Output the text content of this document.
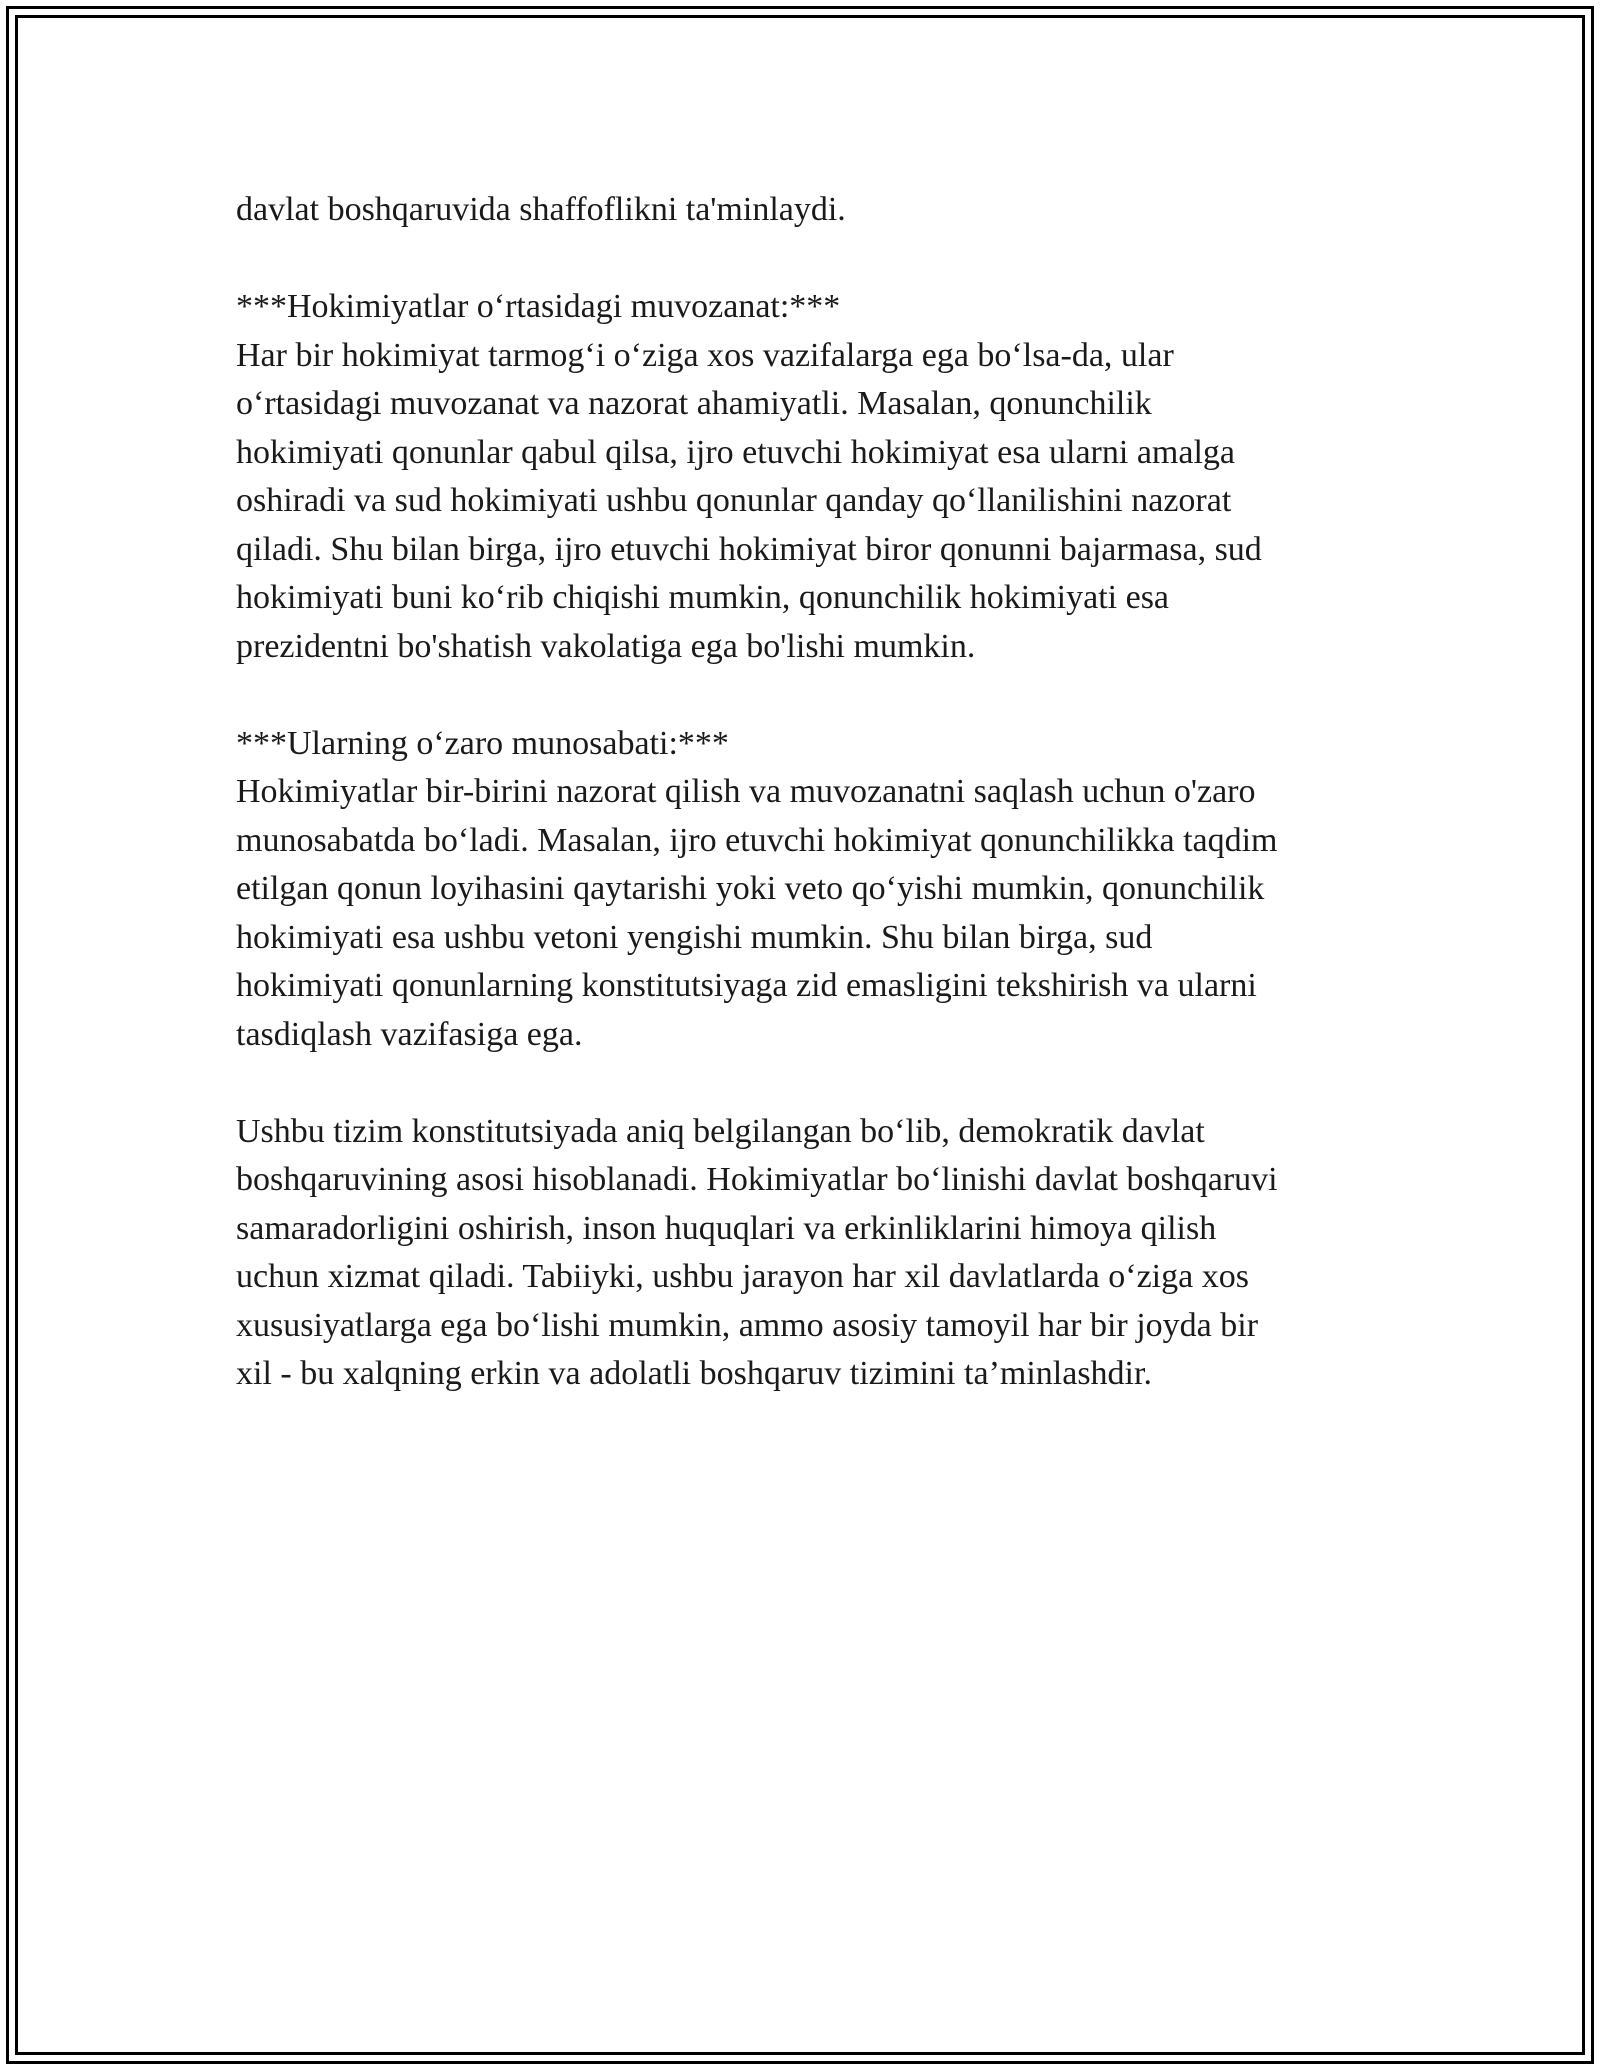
davlat boshqaruvida shaffoflikni ta'minlaydi.
***Hokimiyatlar o‘rtasidagi muvozanat:***
Har bir hokimiyat tarmog‘i o‘ziga xos vazifalarga ega bo‘lsa-da, ular
o‘rtasidagi muvozanat va nazorat ahamiyatli. Masalan, qonunchilik
hokimiyati qonunlar qabul qilsa, ijro etuvchi hokimiyat esa ularni amalga
oshiradi va sud hokimiyati ushbu qonunlar qanday qo‘llanilishini nazorat
qiladi. Shu bilan birga, ijro etuvchi hokimiyat biror qonunni bajarmasa, sud
hokimiyati buni ko‘rib chiqishi mumkin, qonunchilik hokimiyati esa
prezidentni bo'shatish vakolatiga ega bo'lishi mumkin.
***Ularning o‘zaro munosabati:***
Hokimiyatlar bir-birini nazorat qilish va muvozanatni saqlash uchun o'zaro
munosabatda bo‘ladi. Masalan, ijro etuvchi hokimiyat qonunchilikka taqdim
etilgan qonun loyihasini qaytarishi yoki veto qo‘yishi mumkin, qonunchilik
hokimiyati esa ushbu vetoni yengishi mumkin. Shu bilan birga, sud
hokimiyati qonunlarning konstitutsiyaga zid emasligini tekshirish va ularni
tasdiqlash vazifasiga ega.
Ushbu tizim konstitutsiyada aniq belgilangan bo‘lib, demokratik davlat
boshqaruvining asosi hisoblanadi. Hokimiyatlar bo‘linishi davlat boshqaruvi
samaradorligini oshirish, inson huquqlari va erkinliklarini himoya qilish
uchun xizmat qiladi. Tabiiyki, ushbu jarayon har xil davlatlarda o‘ziga xos
xususiyatlarga ega bo‘lishi mumkin, ammo asosiy tamoyil har bir joyda bir
xil - bu xalqning erkin va adolatli boshqaruv tizimini ta’minlashdir.
